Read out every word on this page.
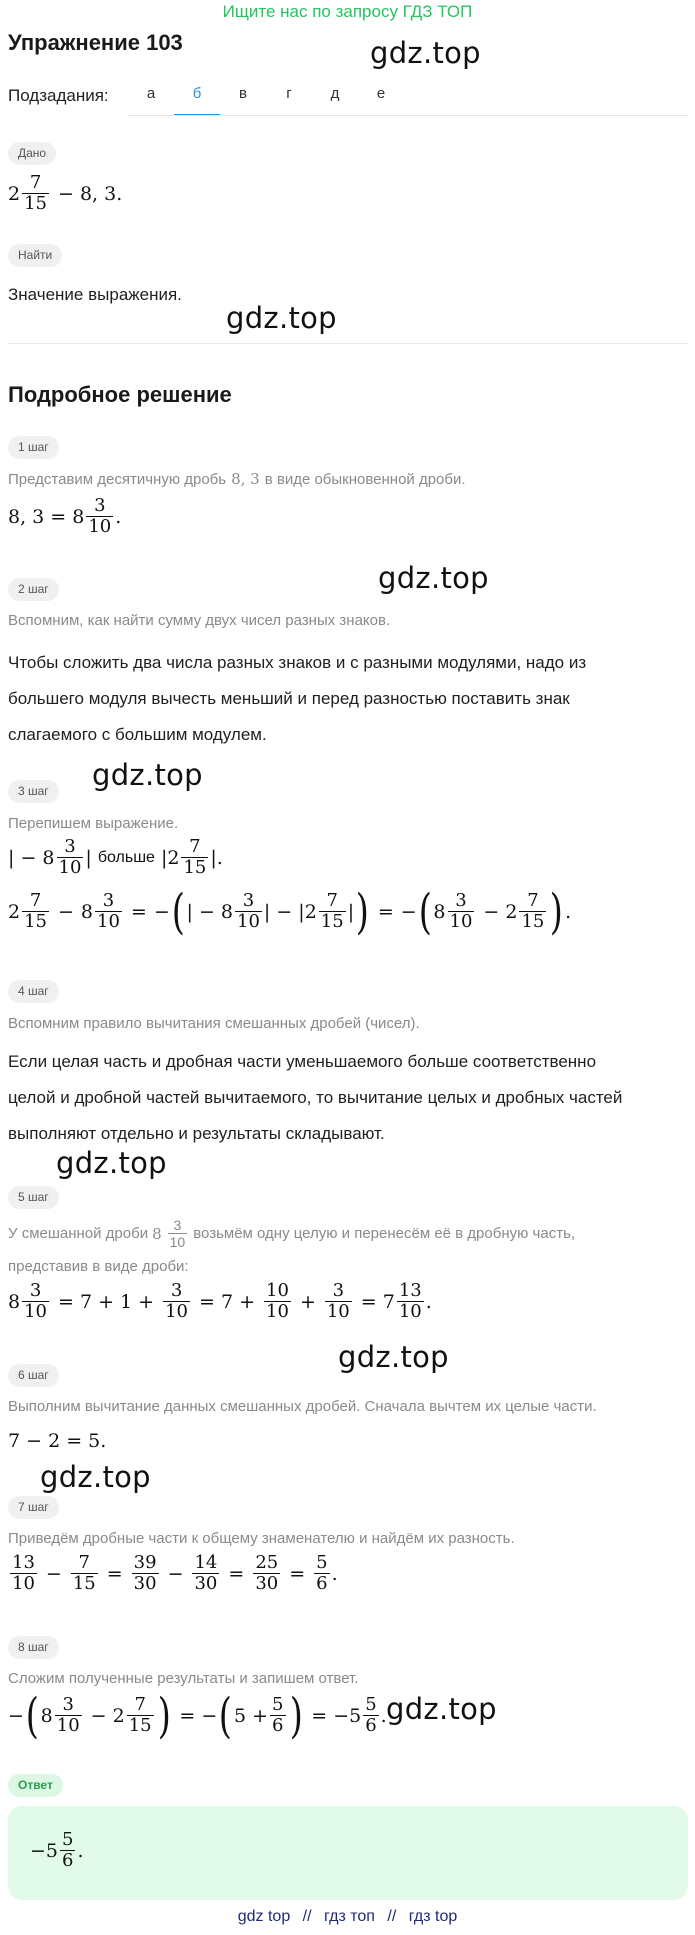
Ищите нас по запросу ГДЗ ТОП
Упражнение 103	gdz.top
Подзадания:	а	б	в	г	д	е
Дано
$2 \frac{7}{15} - 8$, 3.
Найти
Значение выражения.
gdz.top
Подробное решение
1 шаг
Представим десятичную дробь 8, 3 в виде обыкновенной дроби.
8, $3 = 8 \frac{3}{10}$ .
gdz.top
2 шаг
Вспомним, как найти сумму двух чисел разных знаков.
Чтобы сложить два числа разных знаков и с разными модулями, надо из
большего модуля вычесть меньший и перед разностью поставить знак
слагаемого с большим модулем.
3 шаг	gdz.top
Перепишем выражение.
| − $8 \frac{3}{10}$ | больше $|2 \frac{7}{15}$ |.
$2 \frac{7}{15} - 8 \frac{3}{10}$ = − ( | − $8 \frac{3}{10}$ | − $|2 \frac{7}{15}$ | ) = − ( $8 \frac{3}{10} - 2 \frac{7}{15}$ ) .
4 шаг
Вспомним правило вычитания смешанных дробей (чисел).
Если целая часть и дробная части уменьшаемого больше соответственно
целой и дробной частей вычитаемого, то вычитание целых и дробных частей
выполняют отдельно и результаты складывают.
gdz.top
5 шаг
У смешанной дроби $8 \frac{3}{10}$ возьмём одну целую и перенесём её в дробную часть,
представив в виде дроби:
$8 \frac{3}{10} = 7 + 1 + \frac{3}{10} = 7 + \frac{10}{10} + \frac{3}{10} = 7 \frac{13}{10}$ .
gdz.top
6 шаг
Выполним вычитание данных смешанных дробей. Сначала вычтем их целые части.
7 − 2 = 5.
gdz.top
7 шаг
Приведём дробные части к общему знаменателю и найдём их разность.
$\frac{13}{10} - \frac{7}{15} = \frac{39}{30} - \frac{14}{30} = \frac{25}{30} = \frac{5}{6}$ .
8 шаг
Сложим полученные результаты и запишем ответ.
− ( $8 \frac{3}{10} - 2 \frac{7}{15}$ ) = − ( $5 + \frac{5}{6}$ ) = $-5 \frac{5}{6}$ . gdz.top
Ответ
$-5 \frac{5}{6}$ .
gdz top // гдз топ // гдз top
